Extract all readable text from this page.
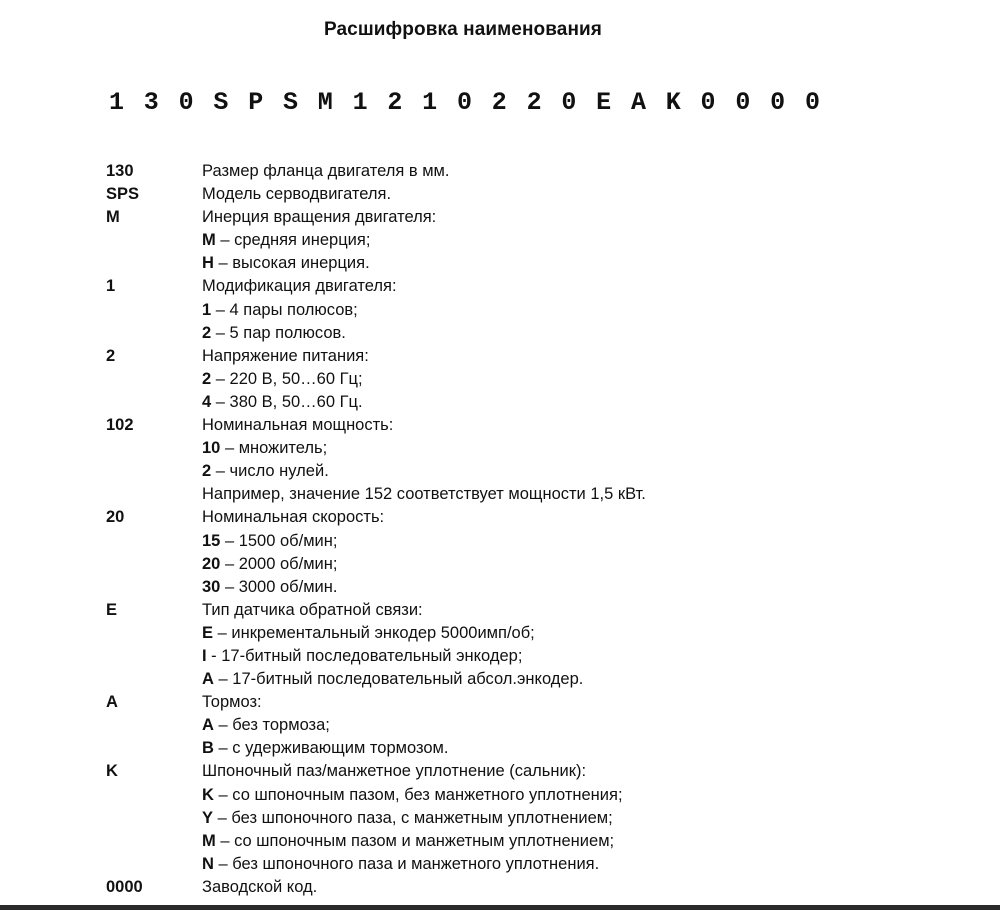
Расшифровка наименования
1 3 0 S P S M 1 2 1 0 2 2 0 E A K 0 0 0 0
130	Размер фланца двигателя в мм.
SPS	Модель серводвигателя.
M	Инерция вращения двигателя:
M – средняя инерция;
H – высокая инерция.
1	Модификация двигателя:
1 – 4 пары полюсов;
2 – 5 пар полюсов.
2	Напряжение питания:
2 – 220 В, 50…60 Гц;
4 – 380 В, 50…60 Гц.
102	Номинальная мощность:
10 – множитель;
2 – число нулей.
Например, значение 152 соответствует мощности 1,5 кВт.
20	Номинальная скорость:
15 – 1500 об/мин;
20 – 2000 об/мин;
30 – 3000 об/мин.
E	Тип датчика обратной связи:
E – инкрементальный энкодер 5000имп/об;
I - 17-битный последовательный энкодер;
A – 17-битный последовательный абсол.энкодер.
A	Тормоз:
A – без тормоза;
B – с удерживающим тормозом.
K	Шпоночный паз/манжетное уплотнение (сальник):
K – со шпоночным пазом, без манжетного уплотнения;
Y – без шпоночного паза, с манжетным уплотнением;
M – со шпоночным пазом и манжетным уплотнением;
N – без шпоночного паза и манжетного уплотнения.
0000	Заводской код.
